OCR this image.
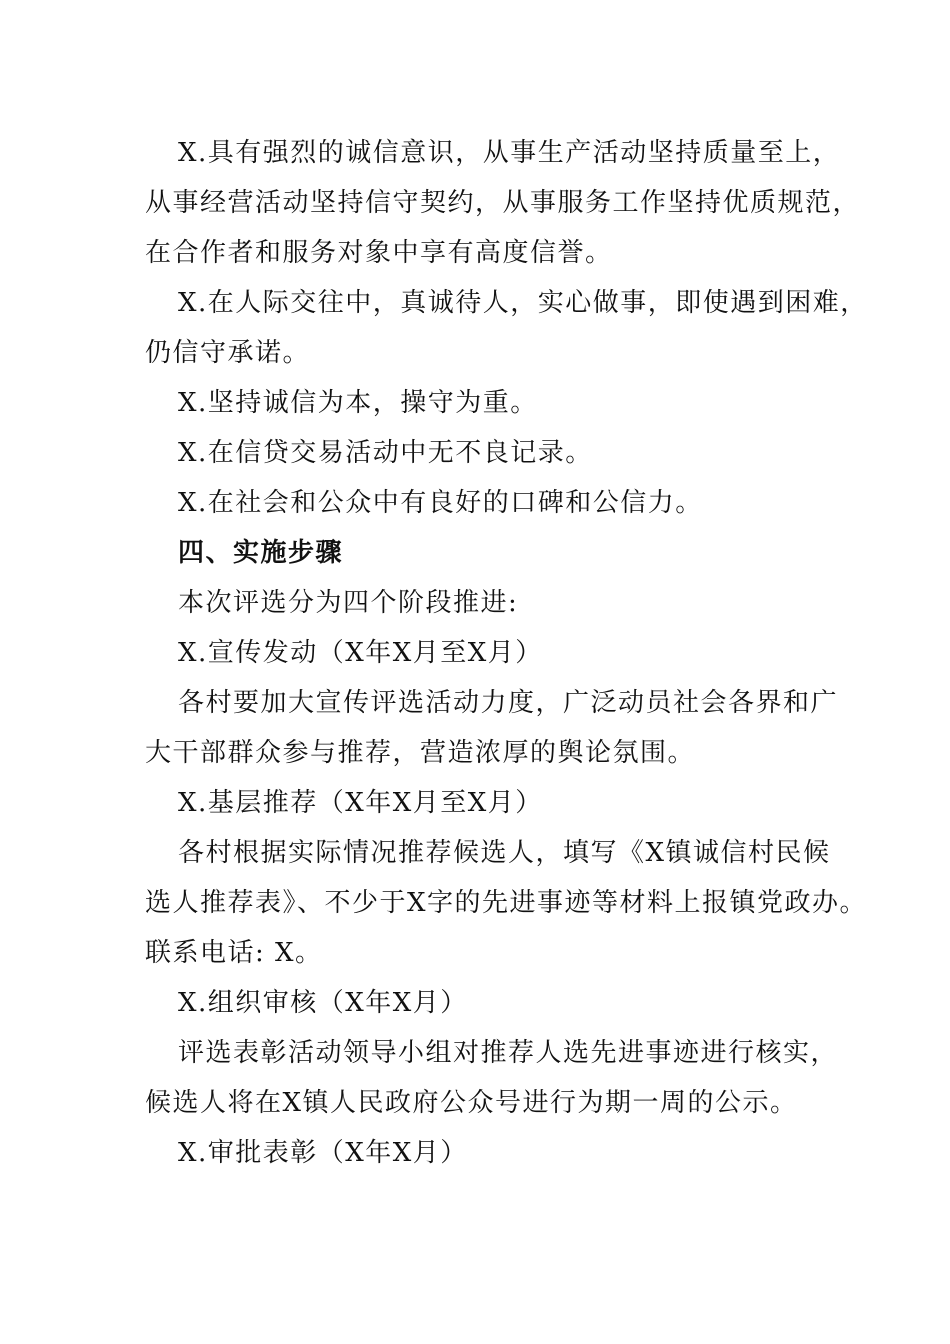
X.具有强烈的诚信意识，从事生产活动坚持质量至上，
从事经营活动坚持信守契约，从事服务工作坚持优质规范，
在合作者和服务对象中享有高度信誉。
X.在人际交往中，真诚待人，实心做事，即使遇到困难，
仍信守承诺。
X.坚持诚信为本，操守为重。
X.在信贷交易活动中无不良记录。
X.在社会和公众中有良好的口碑和公信力。
四、实施步骤
本次评选分为四个阶段推进:
X.宣传发动（X年X月至X月）
各村要加大宣传评选活动力度，广泛动员社会各界和广
大干部群众参与推荐，营造浓厚的舆论氛围。
X.基层推荐（X年X月至X月）
各村根据实际情况推荐候选人，填写《X镇诚信村民候
选人推荐表》、不少于X字的先进事迹等材料上报镇党政办。
联系电话: X。
X.组织审核（X年X月）
评选表彰活动领导小组对推荐人选先进事迹进行核实，
候选人将在X镇人民政府公众号进行为期一周的公示。
X.审批表彰（X年X月）
